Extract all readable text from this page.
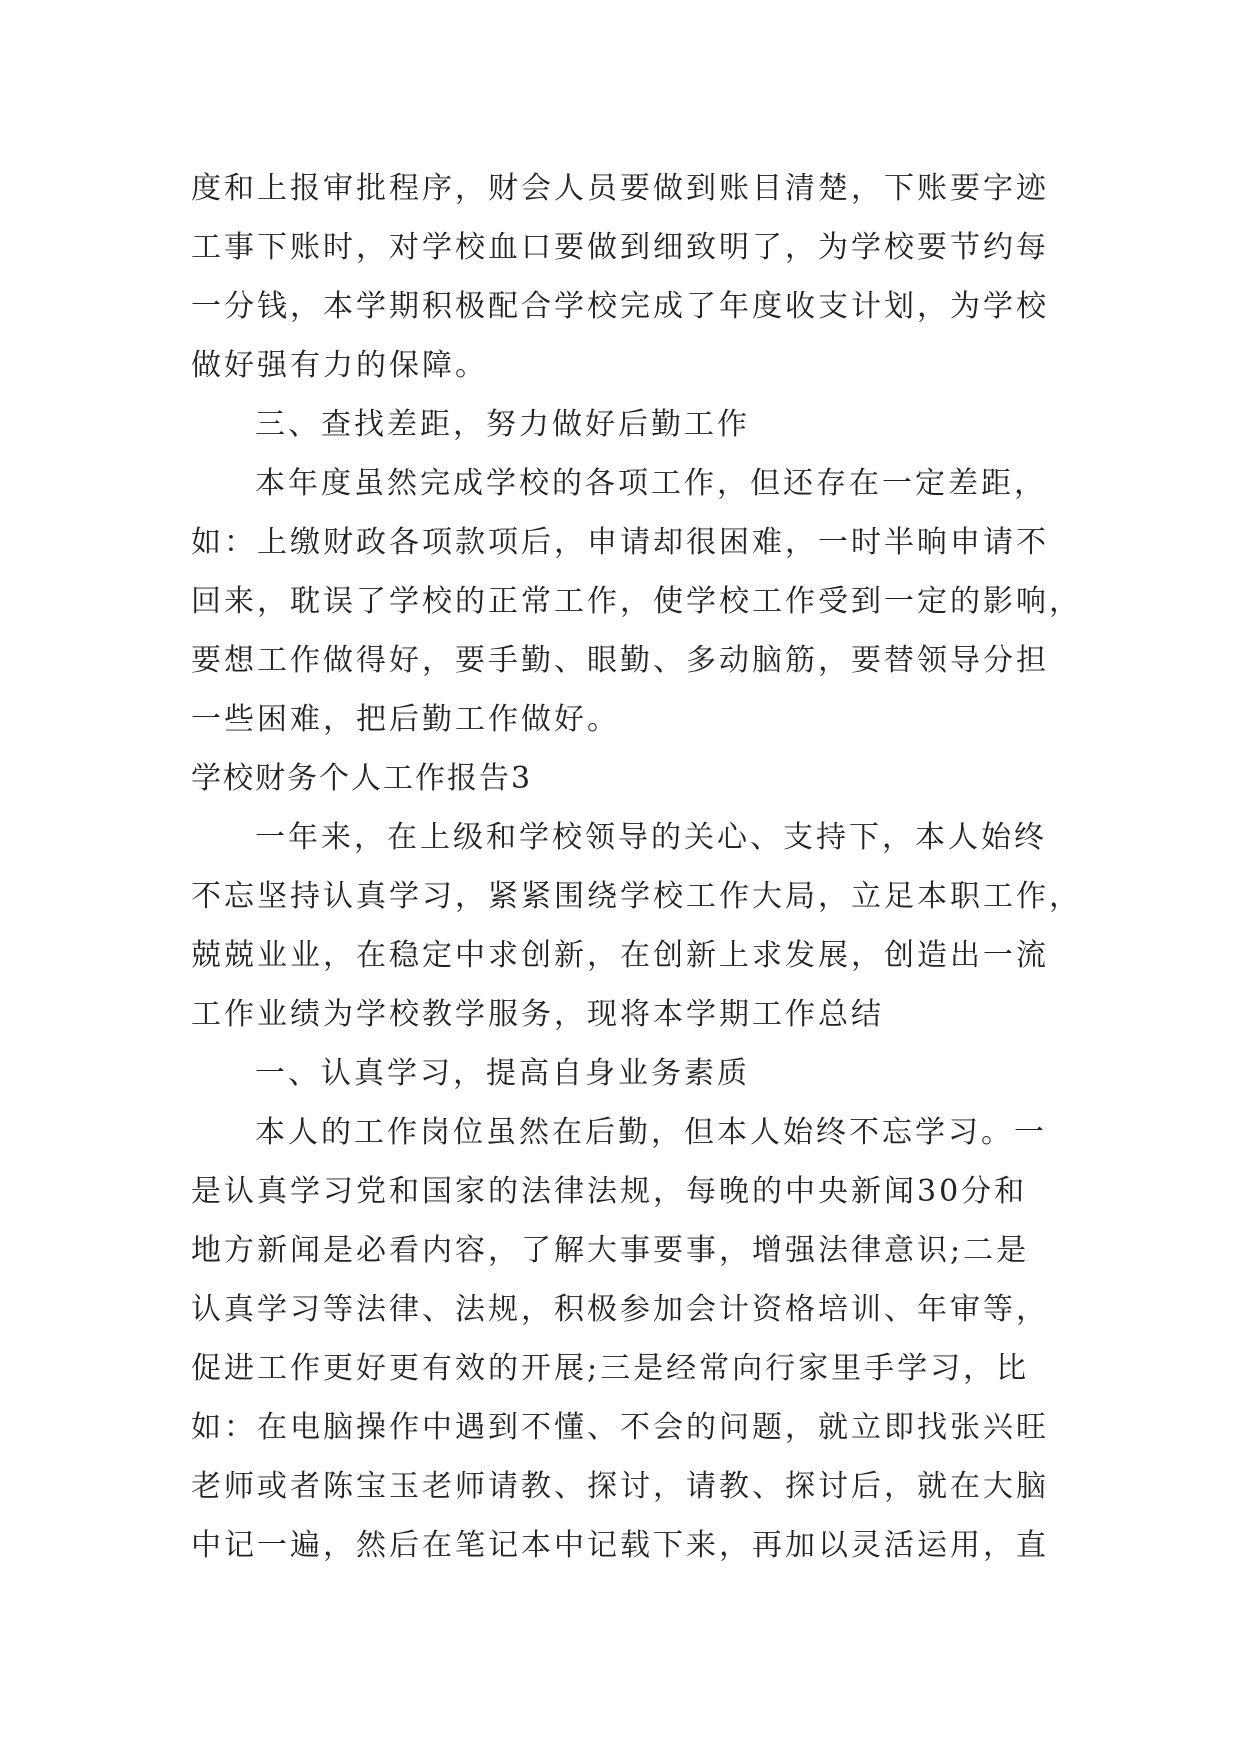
度和上报审批程序，财会人员要做到账目清楚，下账要字迹
工事下账时，对学校血口要做到细致明了，为学校要节约每
一分钱，本学期积极配合学校完成了年度收支计划，为学校
做好强有力的保障。
三、查找差距，努力做好后勤工作
本年度虽然完成学校的各项工作，但还存在一定差距，
如：上缴财政各项款项后，申请却很困难，一时半晌申请不
回来，耽误了学校的正常工作，使学校工作受到一定的影响，
要想工作做得好，要手勤、眼勤、多动脑筋，要替领导分担
一些困难，把后勤工作做好。
学校财务个人工作报告3
一年来，在上级和学校领导的关心、支持下，本人始终
不忘坚持认真学习，紧紧围绕学校工作大局，立足本职工作，
兢兢业业，在稳定中求创新，在创新上求发展，创造出一流
工作业绩为学校教学服务，现将本学期工作总结
一、认真学习，提高自身业务素质
本人的工作岗位虽然在后勤，但本人始终不忘学习。一
是认真学习党和国家的法律法规，每晚的中央新闻30分和
地方新闻是必看内容，了解大事要事，增强法律意识;二是
认真学习等法律、法规，积极参加会计资格培训、年审等，
促进工作更好更有效的开展;三是经常向行家里手学习，比
如：在电脑操作中遇到不懂、不会的问题，就立即找张兴旺
老师或者陈宝玉老师请教、探讨，请教、探讨后，就在大脑
中记一遍，然后在笔记本中记载下来，再加以灵活运用，直
